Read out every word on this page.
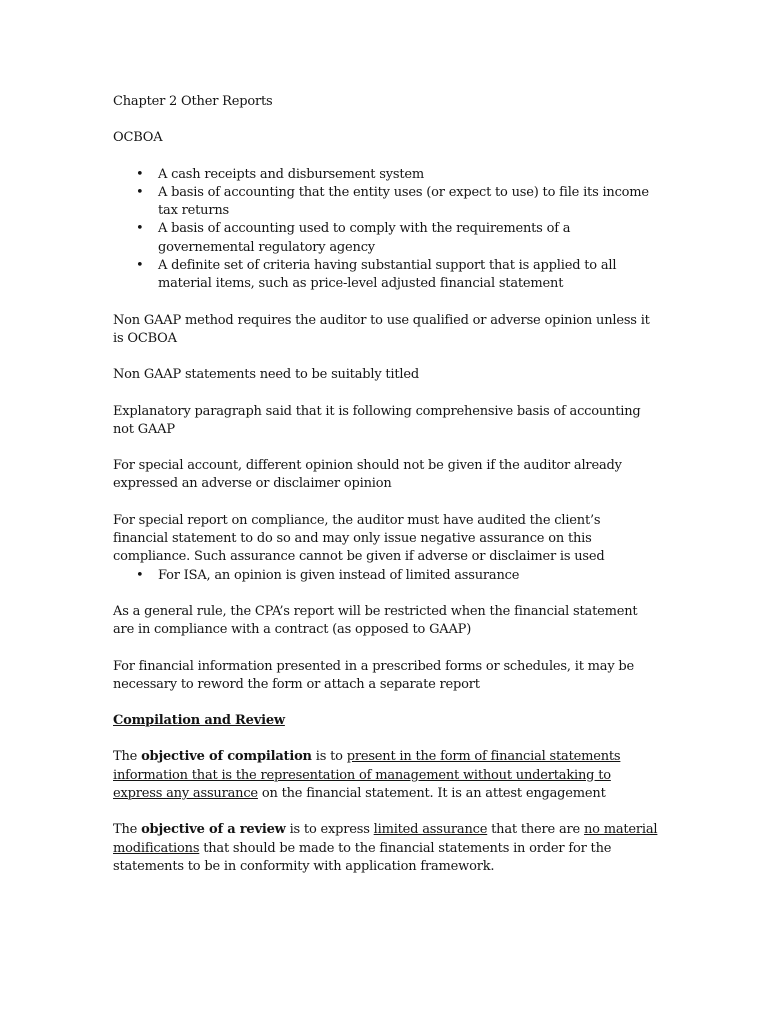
Chapter 2 Other Reports

OCBOA

• A cash receipts and disbursement system
• A basis of accounting that the entity uses (or expect to use) to file its income tax returns
• A basis of accounting used to comply with the requirements of a governemental regulatory agency
• A definite set of criteria having substantial support that is applied to all material items, such as price-level adjusted financial statement

Non GAAP method requires the auditor to use qualified or adverse opinion unless it is OCBOA

Non GAAP statements need to be suitably titled

Explanatory paragraph said that it is following comprehensive basis of accounting not GAAP

For special account, different opinion should not be given if the auditor already expressed an adverse or disclaimer opinion

For special report on compliance, the auditor must have audited the client’s financial statement to do so and may only issue negative assurance on this compliance. Such assurance cannot be given if adverse or disclaimer is used

• For ISA, an opinion is given instead of limited assurance

As a general rule, the CPA’s report will be restricted when the financial statement are in compliance with a contract (as opposed to GAAP)

For financial information presented in a prescribed forms or schedules, it may be necessary to reword the form or attach a separate report

Compilation and Review

The objective of compilation is to present in the form of financial statements information that is the representation of management without undertaking to express any assurance on the financial statement. It is an attest engagement

The objective of a review is to express limited assurance that there are no material modifications that should be made to the financial statements in order for the statements to be in conformity with application framework.
